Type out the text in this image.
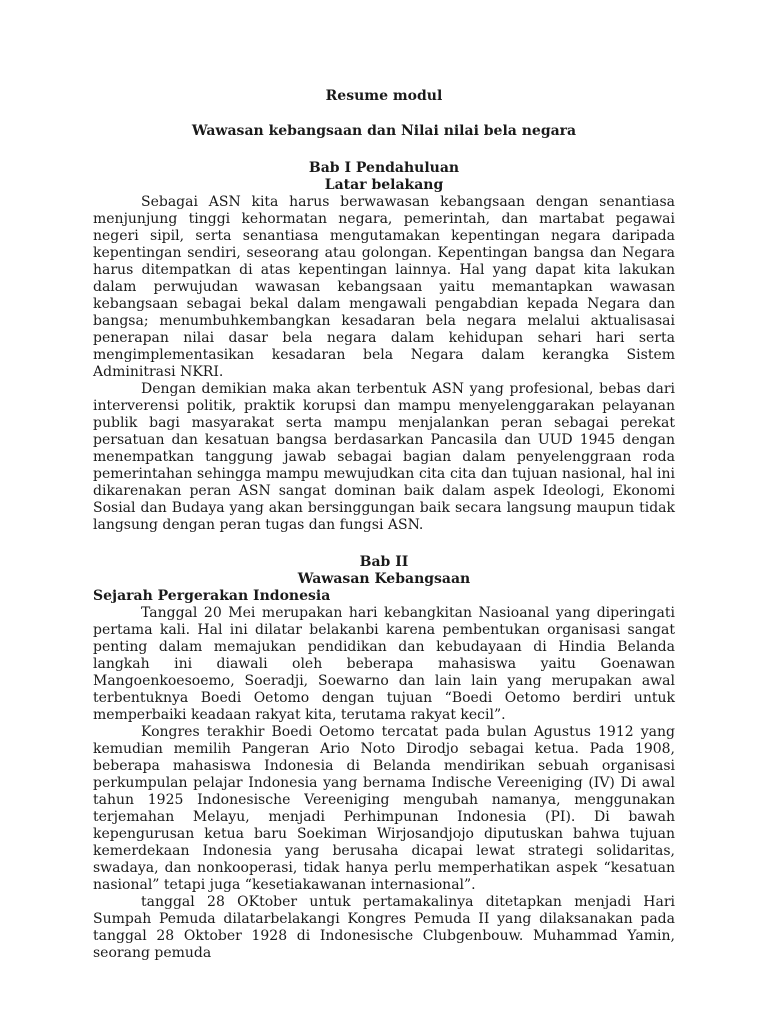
Resume modul
Wawasan kebangsaan dan Nilai nilai bela negara
Bab I Pendahuluan
Latar belakang

Sebagai ASN kita harus berwawasan kebangsaan dengan senantiasa menjunjung tinggi kehormatan negara, pemerintah, dan martabat pegawai negeri sipil, serta senantiasa mengutamakan kepentingan negara daripada kepentingan sendiri, seseorang atau golongan. Kepentingan bangsa dan Negara harus ditempatkan di atas kepentingan lainnya. Hal yang dapat kita lakukan dalam perwujudan wawasan kebangsaan yaitu memantapkan wawasan kebangsaan sebagai bekal dalam mengawali pengabdian kepada Negara dan bangsa; menumbuhkembangkan kesadaran bela negara melalui aktualisasai penerapan nilai dasar bela negara dalam kehidupan sehari hari serta mengimplementasikan kesadaran bela Negara dalam kerangka Sistem Adminitrasi NKRI.

Dengan demikian maka akan terbentuk ASN yang profesional, bebas dari interverensi politik, praktik korupsi dan mampu menyelenggarakan pelayanan publik bagi masyarakat serta mampu menjalankan peran sebagai perekat persatuan dan kesatuan bangsa berdasarkan Pancasila dan UUD 1945 dengan menempatkan tanggung jawab sebagai bagian dalam penyelenggraan roda pemerintahan sehingga mampu mewujudkan cita cita dan tujuan nasional, hal ini dikarenakan peran ASN sangat dominan baik dalam aspek Ideologi, Ekonomi Sosial dan Budaya yang akan bersinggungan baik secara langsung maupun tidak langsung dengan peran tugas dan fungsi ASN.

Bab II
Wawasan Kebangsaan
Sejarah Pergerakan Indonesia

Tanggal 20 Mei merupakan hari kebangkitan Nasioanal yang diperingati pertama kali. Hal ini dilatar belakanbi karena pembentukan organisasi sangat penting dalam memajukan pendidikan dan kebudayaan di Hindia Belanda langkah ini diawali oleh beberapa mahasiswa yaitu Goenawan Mangoenkoesoemo, Soeradji, Soewarno dan lain lain yang merupakan awal terbentuknya Boedi Oetomo dengan tujuan “Boedi Oetomo berdiri untuk memperbaiki keadaan rakyat kita, terutama rakyat kecil”.

Kongres terakhir Boedi Oetomo tercatat pada bulan Agustus 1912 yang kemudian memilih Pangeran Ario Noto Dirodjo sebagai ketua. Pada 1908, beberapa mahasiswa Indonesia di Belanda mendirikan sebuah organisasi perkumpulan pelajar Indonesia yang bernama Indische Vereeniging (IV) Di awal tahun 1925 Indonesische Vereeniging mengubah namanya, menggunakan terjemahan Melayu, menjadi Perhimpunan Indonesia (PI). Di bawah kepengurusan ketua baru Soekiman Wirjosandjojo diputuskan bahwa tujuan kemerdekaan Indonesia yang berusaha dicapai lewat strategi solidaritas, swadaya, dan nonkooperasi, tidak hanya perlu memperhatikan aspek “kesatuan nasional” tetapi juga “kesetiakawanan internasional”.

tanggal 28 OKtober untuk pertamakalinya ditetapkan menjadi Hari Sumpah Pemuda dilatarbelakangi Kongres Pemuda II yang dilaksanakan pada tanggal 28 Oktober 1928 di Indonesische Clubgenbouw. Muhammad Yamin, seorang pemuda
